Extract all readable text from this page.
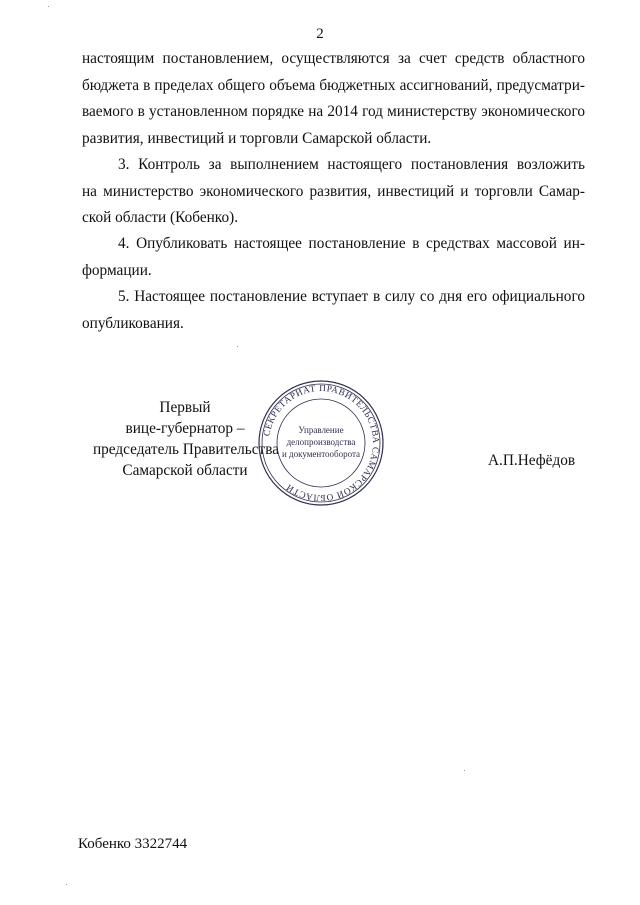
2

настоящим постановлением, осуществляются за счет средств областного
бюджета в пределах общего объема бюджетных ассигнований, предусматри-
ваемого в установленном порядке на 2014 год министерству экономического
развития, инвестиций и торговли Самарской области.

3. Контроль за выполнением настоящего постановления возложить
на министерство экономического развития, инвестиций и торговли Самар-
ской области (Кобенко).

4. Опубликовать настоящее постановление в средствах массовой ин-
формации.

5. Настоящее постановление вступает в силу со дня его официального
опубликования.

Первый
вице-губернатор –
председатель Правительства
Самарской области
СЕКРЕТАРИАТ ПРАВИТЕЛЬСТВА САМАРСКОЙ ОБЛАСТИ
Управление
делопроизводства
и документооборота	А.П.Нефёдов
Кобенко 3322744
